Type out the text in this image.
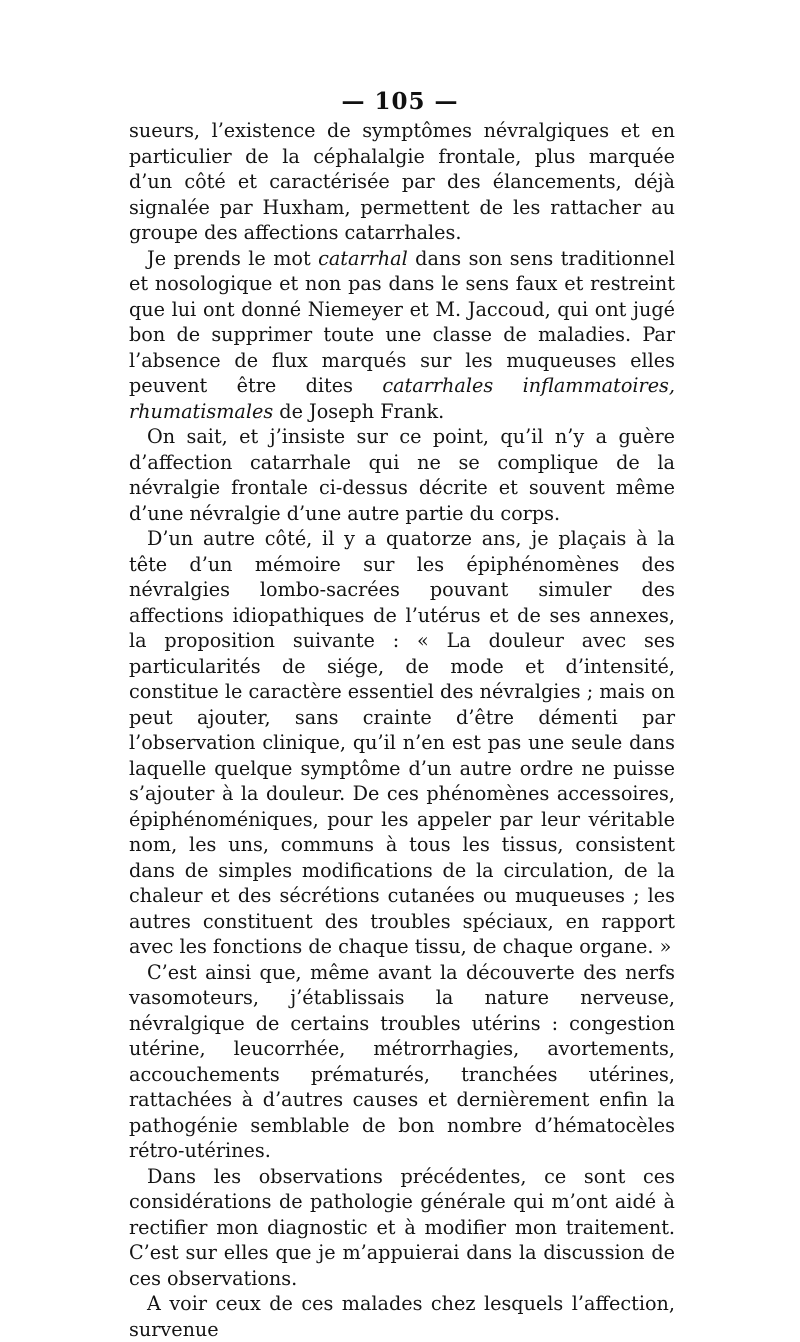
— 105 —

sueurs, l’existence de symptômes névralgiques et en particulier de la céphalalgie frontale, plus marquée d’un côté et caractérisée par des élancements, déjà signalée par Huxham, permettent de les rattacher au groupe des affections catarrhales.

Je prends le mot catarrhal dans son sens traditionnel et nosologique et non pas dans le sens faux et restreint que lui ont donné Niemeyer et M. Jaccoud, qui ont jugé bon de supprimer toute une classe de maladies. Par l’absence de flux marqués sur les muqueuses elles peuvent être dites catarrhales inflammatoires, rhumatismales de Joseph Frank.

On sait, et j’insiste sur ce point, qu’il n’y a guère d’affection catarrhale qui ne se complique de la névralgie frontale ci-dessus décrite et souvent même d’une névralgie d’une autre partie du corps.

D’un autre côté, il y a quatorze ans, je plaçais à la tête d’un mémoire sur les épiphénomènes des névralgies lombo-sacrées pouvant simuler des affections idiopathiques de l’utérus et de ses annexes, la proposition suivante : « La douleur avec ses particularités de siége, de mode et d’intensité, constitue le caractère essentiel des névralgies ; mais on peut ajouter, sans crainte d’être démenti par l’observation clinique, qu’il n’en est pas une seule dans laquelle quelque symptôme d’un autre ordre ne puisse s’ajouter à la douleur. De ces phénomènes accessoires, épiphénoméniques, pour les appeler par leur véritable nom, les uns, communs à tous les tissus, consistent dans de simples modifications de la circulation, de la chaleur et des sécrétions cutanées ou muqueuses ; les autres constituent des troubles spéciaux, en rapport avec les fonctions de chaque tissu, de chaque organe. »

C’est ainsi que, même avant la découverte des nerfs vasomoteurs, j’établissais la nature nerveuse, névralgique de certains troubles utérins : congestion utérine, leucorrhée, métrorrhagies, avortements, accouchements prématurés, tranchées utérines, rattachées à d’autres causes et dernièrement enfin la pathogénie semblable de bon nombre d’hématocèles rétro-utérines.

Dans les observations précédentes, ce sont ces considérations de pathologie générale qui m’ont aidé à rectifier mon diagnostic et à modifier mon traitement. C’est sur elles que je m’appuierai dans la discussion de ces observations.

A voir ceux de ces malades chez lesquels l’affection, survenue
